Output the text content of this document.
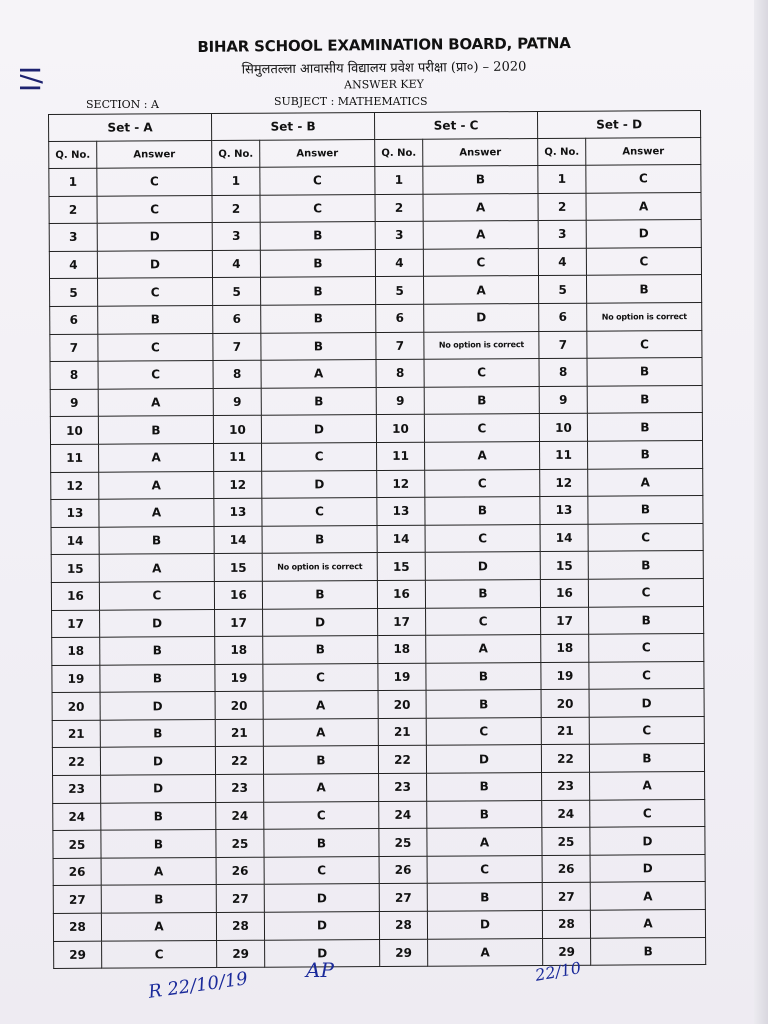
I/I
BIHAR SCHOOL EXAMINATION BOARD, PATNA
सिमुलतल्ला आवासीय विद्यालय प्रवेश परीक्षा (प्रा०) – 2020
ANSWER KEY
SECTION : A	SUBJECT : MATHEMATICS
Set - A		Set - B		Set - C		Set - D	
Q. No.	Answer	Q. No.	Answer	Q. No.	Answer	Q. No.	Answer
1	C	1	C	1	B	1	C
2	C	2	C	2	A	2	A
3	D	3	B	3	A	3	D
4	D	4	B	4	C	4	C
5	C	5	B	5	A	5	B
6	B	6	B	6	D	6	No option is correct
7	C	7	B	7	No option is correct	7	C
8	C	8	A	8	C	8	B
9	A	9	B	9	B	9	B
10	B	10	D	10	C	10	B
11	A	11	C	11	A	11	B
12	A	12	D	12	C	12	A
13	A	13	C	13	B	13	B
14	B	14	B	14	C	14	C
15	A	15	No option is correct	15	D	15	B
16	C	16	B	16	B	16	C
17	D	17	D	17	C	17	B
18	B	18	B	18	A	18	C
19	B	19	C	19	B	19	C
20	D	20	A	20	B	20	D
21	B	21	A	21	C	21	C
22	D	22	B	22	D	22	B
23	D	23	A	23	B	23	A
24	B	24	C	24	B	24	C
25	B	25	B	25	A	25	D
26	A	26	C	26	C	26	D
27	B	27	D	27	B	27	A
28	A	28	D	28	D	28	A
29	C	29	D	29	A	29	B
R 22/10/19	AP	22/10
